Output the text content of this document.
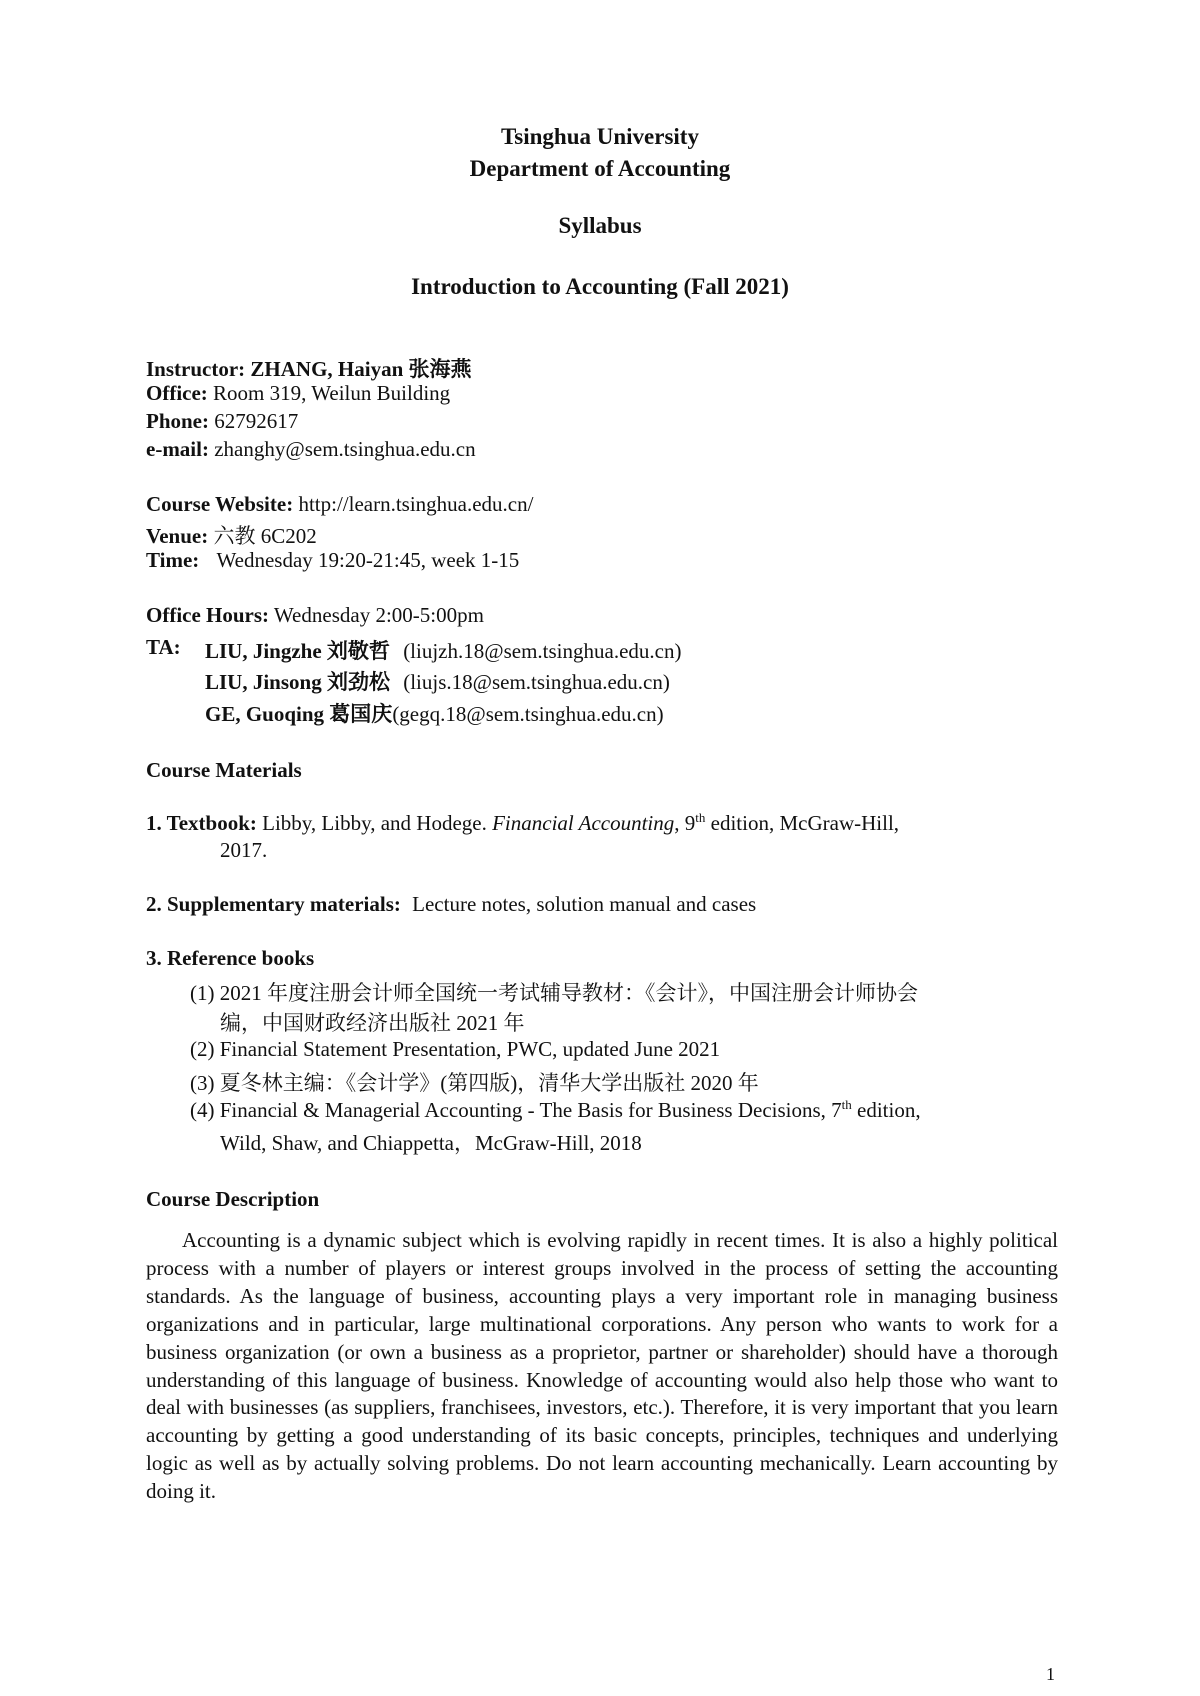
Tsinghua University
Department of Accounting
Syllabus
Introduction to Accounting (Fall 2021)
Instructor: ZHANG, Haiyan 张海燕
Office: Room 319, Weilun Building
Phone: 62792617
e-mail: zhanghy@sem.tsinghua.edu.cn
Course Website: http://learn.tsinghua.edu.cn/
Venue: 六教 6C202
Time: Wednesday 19:20-21:45, week 1-15
Office Hours: Wednesday 2:00-5:00pm
TA: LIU, Jingzhe 刘敬哲 (liujzh.18@sem.tsinghua.edu.cn)
LIU, Jinsong 刘劲松 (liujs.18@sem.tsinghua.edu.cn)
GE, Guoqing 葛国庆(gegq.18@sem.tsinghua.edu.cn)
Course Materials
1. Textbook: Libby, Libby, and Hodege. Financial Accounting, 9th edition, McGraw-Hill,
2017.
2. Supplementary materials: Lecture notes, solution manual and cases
3. Reference books
(1) 2021 年度注册会计师全国统一考试辅导教材：《会计》，中国注册会计师协会
编，中国财政经济出版社 2021 年
(2) Financial Statement Presentation, PWC, updated June 2021
(3) 夏冬林主编：《会计学》(第四版)，清华大学出版社 2020 年
(4) Financial & Managerial Accounting - The Basis for Business Decisions, 7th edition,
Wild, Shaw, and Chiappetta，McGraw-Hill, 2018
Course Description
Accounting is a dynamic subject which is evolving rapidly in recent times. It is also a highly political process with a number of players or interest groups involved in the process of setting the accounting standards. As the language of business, accounting plays a very important role in managing business organizations and in particular, large multinational corporations. Any person who wants to work for a business organization (or own a business as a proprietor, partner or shareholder) should have a thorough understanding of this language of business. Knowledge of accounting would also help those who want to deal with businesses (as suppliers, franchisees, investors, etc.). Therefore, it is very important that you learn accounting by getting a good understanding of its basic concepts, principles, techniques and underlying logic as well as by actually solving problems. Do not learn accounting mechanically. Learn accounting by doing it.
1
